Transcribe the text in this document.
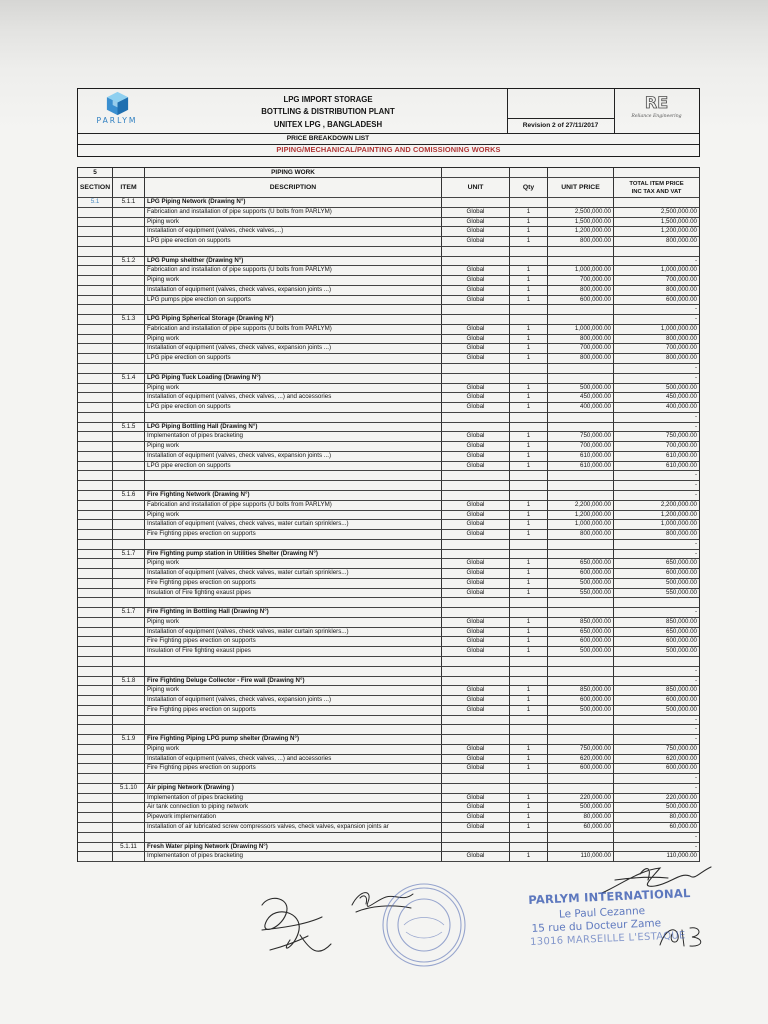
PARLYM
LPG IMPORT STORAGE
BOTTLING & DISTRIBUTION PLANT
UNITEX LPG , BANGLADESH	Revision 2 of 27/11/2017
RE
Reliance Engineering
PRICE BREAKDOWN LIST
PIPING/MECHANICAL/PAINTING AND COMISSIONING WORKS
5	PIPING WORK
SECTION	ITEM	DESCRIPTION	UNIT	Qty	UNIT PRICE	TOTAL ITEM PRICE
INC TAX AND VAT
5.1	5.1.1	LPG Piping Network (Drawing N°)
Fabrication and installation of pipe supports (U bolts from PARLYM)	Global	1	2,500,000.00	2,500,000.00
Piping work	Global	1	1,500,000.00	1,500,000.00
Installation of equipment (valves, check valves,...)	Global	1	1,200,000.00	1,200,000.00
LPG pipe erection on supports	Global	1	800,000.00	800,000.00
5.1.2	LPG Pump shelther (Drawing N°)	-
Fabrication and installation of pipe supports (U bolts from PARLYM)	Global	1	1,000,000.00	1,000,000.00
Piping work	Global	1	700,000.00	700,000.00
Installation of equipment (valves, check valves, expansion joints ...)	Global	1	800,000.00	800,000.00
LPG pumps pipe erection on supports	Global	1	600,000.00	600,000.00
-
5.1.3	LPG Piping Spherical Storage (Drawing N°)	-
Fabrication and installation of pipe supports (U bolts from PARLYM)	Global	1	1,000,000.00	1,000,000.00
Piping work	Global	1	800,000.00	800,000.00
Installation of equipment (valves, check valves, expansion joints ...)	Global	1	700,000.00	700,000.00
LPG pipe erection on supports	Global	1	800,000.00	800,000.00
-
5.1.4	LPG Piping Tuck Loading (Drawing N°)	-
Piping work	Global	1	500,000.00	500,000.00
Installation of equipment (valves, check valves, ...) and accessories	Global	1	450,000.00	450,000.00
LPG pipe erection on supports	Global	1	400,000.00	400,000.00
-
5.1.5	LPG Piping Bottling Hall (Drawing N°)	-
Implementation of pipes bracketing	Global	1	750,000.00	750,000.00
Piping work	Global	1	700,000.00	700,000.00
Installation of equipment (valves, check valves, expansion joints ...)	Global	1	610,000.00	610,000.00
LPG pipe erection on supports	Global	1	610,000.00	610,000.00
-
-
5.1.6	Fire Fighting Network (Drawing N°)	-
Fabrication and installation of pipe supports (U bolts from PARLYM)	Global	1	2,200,000.00	2,200,000.00
Piping work	Global	1	1,200,000.00	1,200,000.00
Installation of equipment (valves, check valves, water curtain sprinklers...)	Global	1	1,000,000.00	1,000,000.00
Fire Fighting pipes erection on supports	Global	1	800,000.00	800,000.00
-
5.1.7	Fire Fighting pump station in Utilities Shelter (Drawing N°)	-
Piping work	Global	1	650,000.00	650,000.00
Installation of equipment (valves, check valves, water curtain sprinklers...)	Global	1	600,000.00	600,000.00
Fire Fighting pipes erection on supports	Global	1	500,000.00	500,000.00
Insulation of Fire fighting exaust pipes	Global	1	550,000.00	550,000.00
5.1.7	Fire Fighting in Bottling Hall (Drawing N°)	-
Piping work	Global	1	850,000.00	850,000.00
Installation of equipment (valves, check valves, water curtain sprinklers...)	Global	1	650,000.00	650,000.00
Fire Fighting pipes erection on supports	Global	1	600,000.00	600,000.00
Insulation of Fire fighting exaust pipes	Global	1	500,000.00	500,000.00
-
5.1.8	Fire Fighting Deluge Collector - Fire wall (Drawing N°)	-
Piping work	Global	1	850,000.00	850,000.00
Installation of equipment (valves, check valves, expansion joints ...)	Global	1	600,000.00	600,000.00
Fire Fighting pipes erection on supports	Global	1	500,000.00	500,000.00
-
-
5.1.9	Fire Fighting Piping LPG pump shelter (Drawing N°)	-
Piping work	Global	1	750,000.00	750,000.00
Installation of equipment (valves, check valves, ...) and accessories	Global	1	620,000.00	620,000.00
Fire Fighting pipes erection on supports	Global	1	600,000.00	600,000.00
-
5.1.10	Air piping Network (Drawing )	-
Implementation of pipes bracketing	Global	1	220,000.00	220,000.00
Air tank connection to piping network	Global	1	500,000.00	500,000.00
Pipework implementation	Global	1	80,000.00	80,000.00
Installation of air lubricated screw compressors valves, check valves, expansion joints ar	Global	1	60,000.00	60,000.00
-
5.1.11	Fresh Water piping Network (Drawing N°)	-
Implementation of pipes bracketing	Global	1	110,000.00	110,000.00
PARLYM INTERNATIONAL
Le Paul Cezanne
15 rue du Docteur Zame
13016 MARSEILLE L'ESTAQUE
